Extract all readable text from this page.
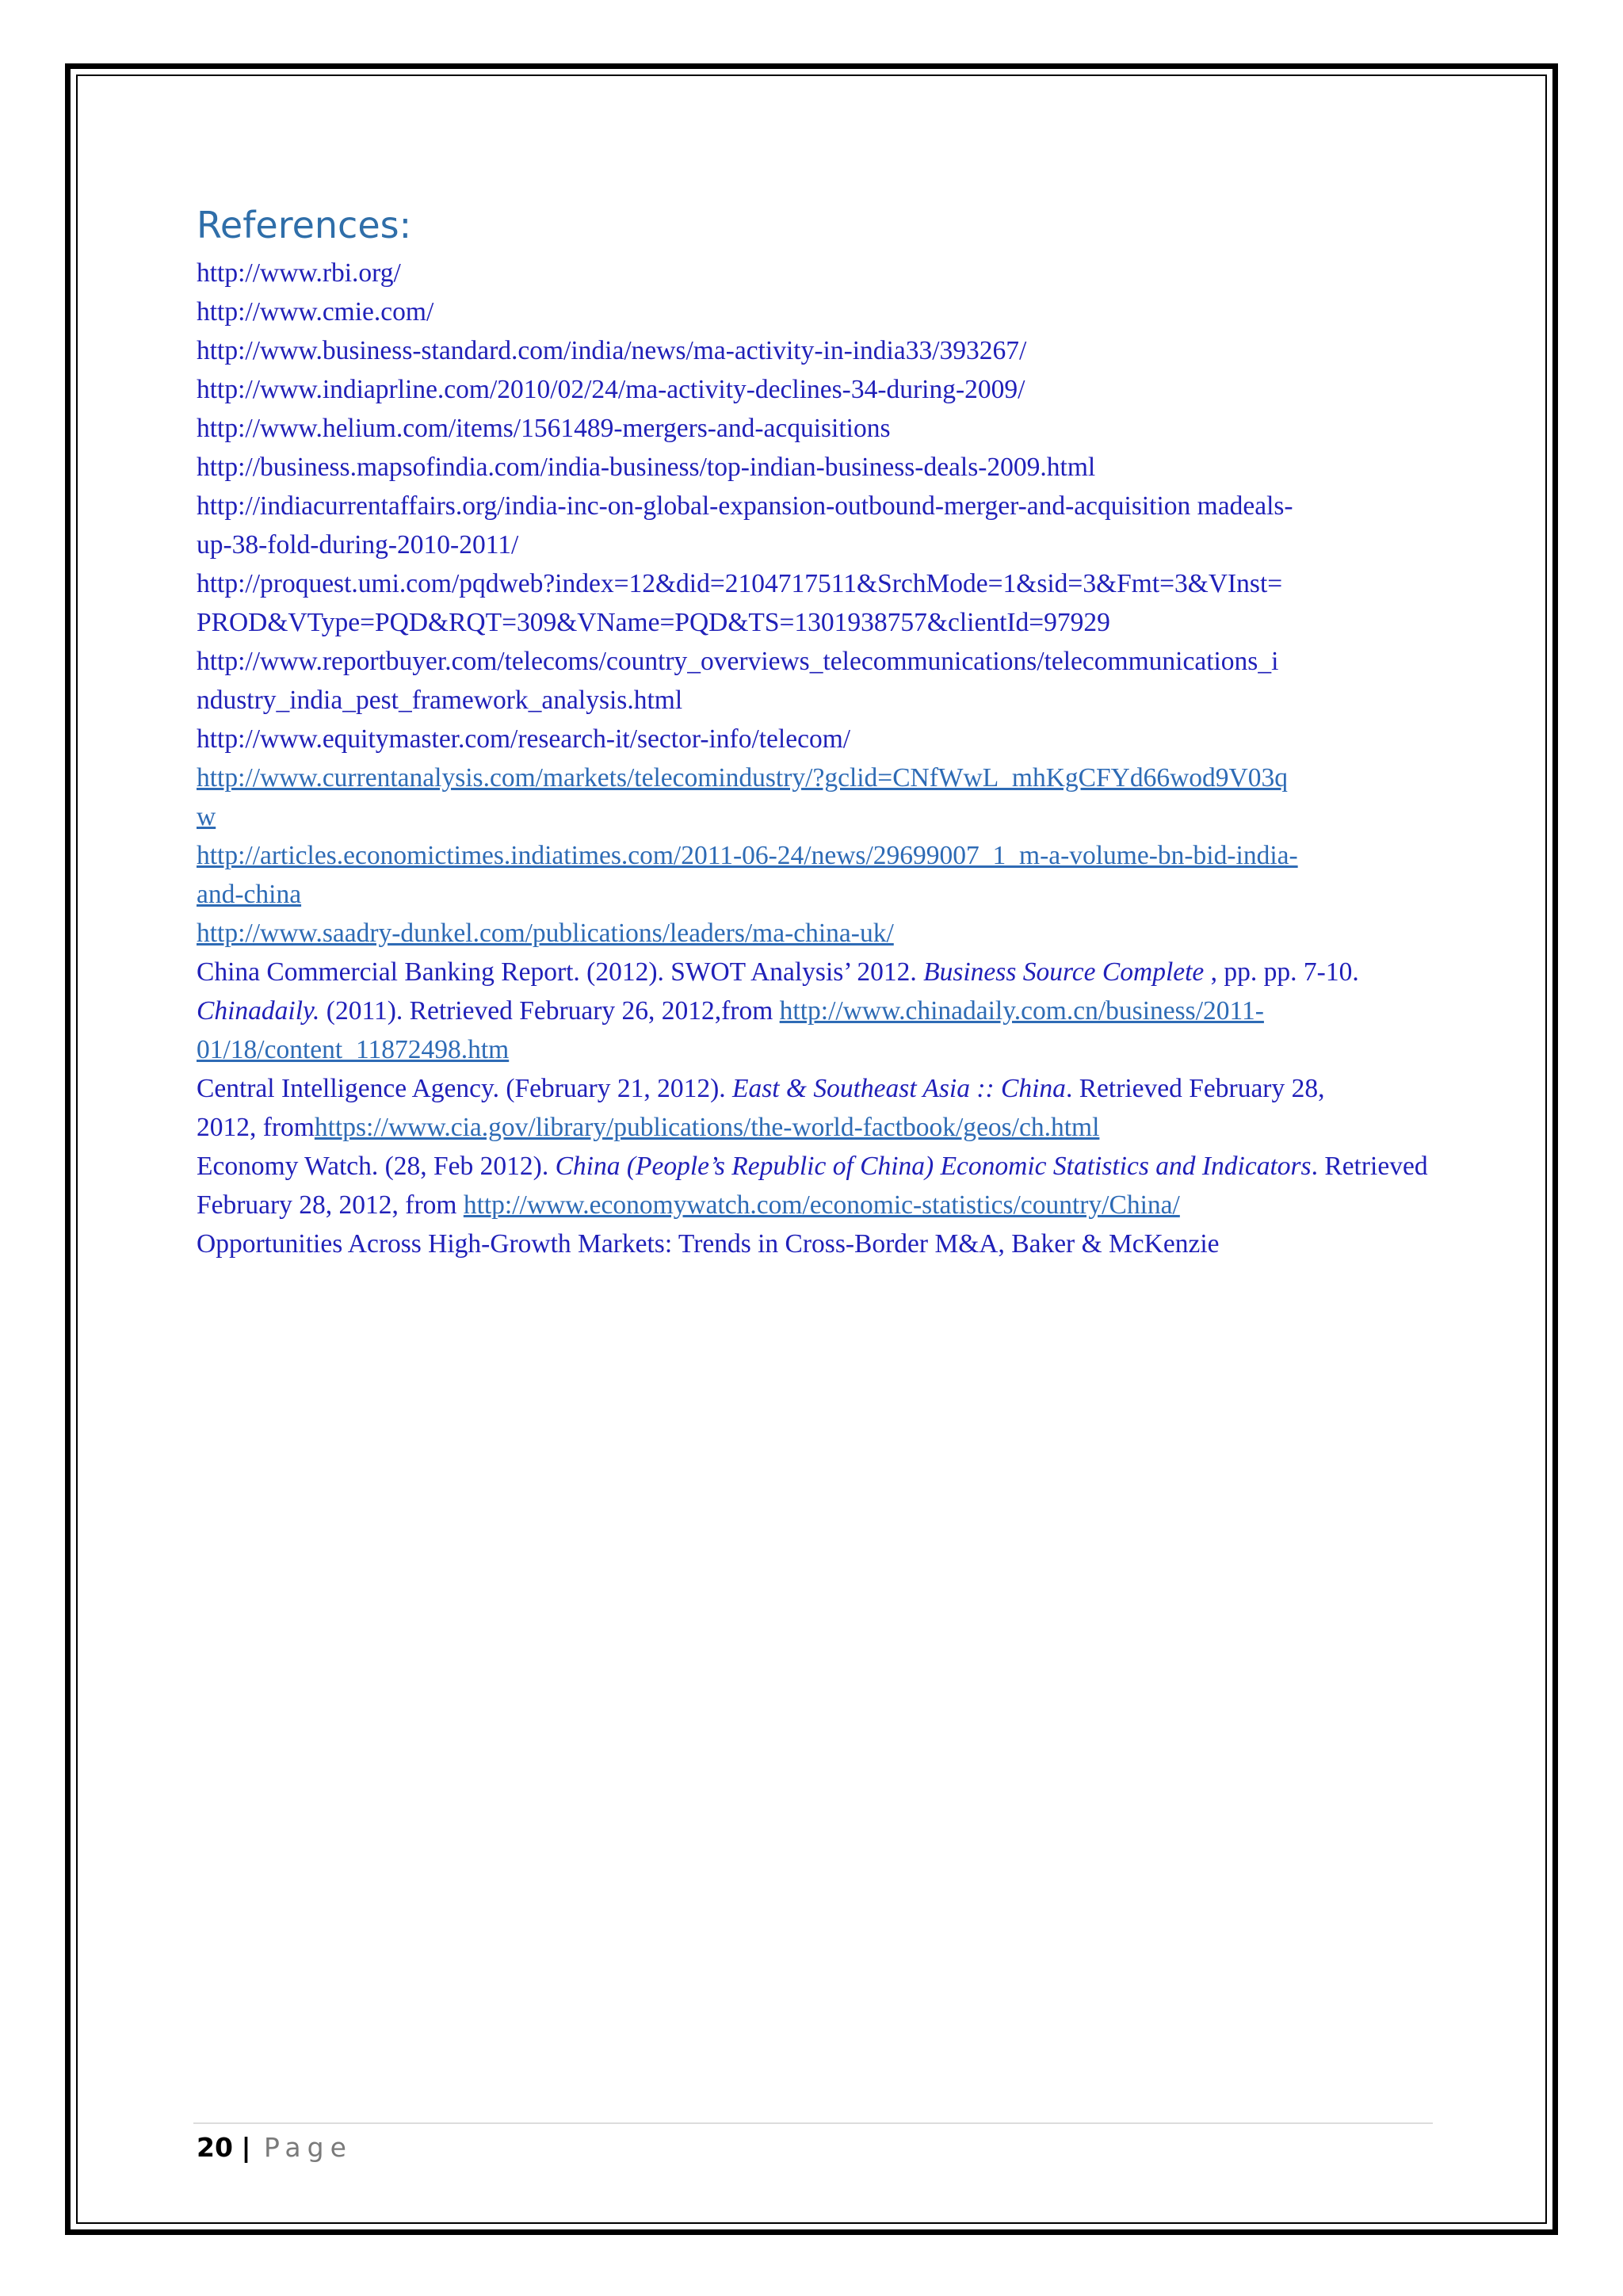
References:

http://www.rbi.org/

http://www.cmie.com/

http://www.business-standard.com/india/news/ma-activity-in-india33/393267/

http://www.indiaprline.com/2010/02/24/ma-activity-declines-34-during-2009/

http://www.helium.com/items/1561489-mergers-and-acquisitions

http://business.mapsofindia.com/india-business/top-indian-business-deals-2009.html

http://indiacurrentaffairs.org/india-inc-on-global-expansion-outbound-merger-and-acquisition madeals-

up-38-fold-during-2010-2011/

http://proquest.umi.com/pqdweb?index=12&did=2104717511&SrchMode=1&sid=3&Fmt=3&VInst=

PROD&VType=PQD&RQT=309&VName=PQD&TS=1301938757&clientId=97929

http://www.reportbuyer.com/telecoms/country_overviews_telecommunications/telecommunications_i

ndustry_india_pest_framework_analysis.html

http://www.equitymaster.com/research-it/sector-info/telecom/

http://www.currentanalysis.com/markets/telecomindustry/?gclid=CNfWwL_mhKgCFYd66wod9V03q

w

http://articles.economictimes.indiatimes.com/2011-06-24/news/29699007_1_m-a-volume-bn-bid-india-

and-china

http://www.saadry-dunkel.com/publications/leaders/ma-china-uk/

China Commercial Banking Report. (2012). SWOT Analysis’ 2012. Business Source Complete , pp. pp. 7-10.

Chinadaily. (2011). Retrieved February 26, 2012,from http://www.chinadaily.com.cn/business/2011-

01/18/content_11872498.htm

Central Intelligence Agency. (February 21, 2012). East & Southeast Asia :: China. Retrieved February 28,

2012, fromhttps://www.cia.gov/library/publications/the-world-factbook/geos/ch.html

Economy Watch. (28, Feb 2012). China (People’s Republic of China) Economic Statistics and Indicators. Retrieved

February 28, 2012, from http://www.economywatch.com/economic-statistics/country/China/

Opportunities Across High-Growth Markets: Trends in Cross-Border M&A, Baker & McKenzie

20 | Page
